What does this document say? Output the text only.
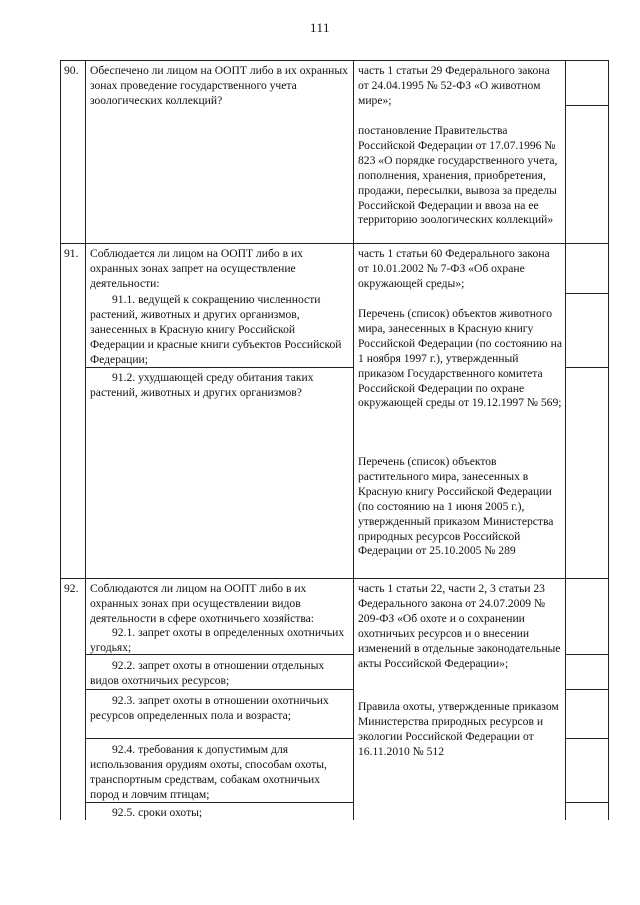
111
90. Обеспечено ли лицом на ООПТ либо в их охранных зонах проведение государственного учета зоологических коллекций?
часть 1 статьи 29 Федерального закона от 24.04.1995 № 52-ФЗ «О животном мире»;
постановление Правительства Российской Федерации от 17.07.1996 № 823 «О порядке государственного учета, пополнения, хранения, приобретения, продажи, пересылки, вывоза за пределы Российской Федерации и ввоза на ее территорию зоологических коллекций»
91. Соблюдается ли лицом на ООПТ либо в их охранных зонах запрет на осуществление деятельности:
91.1. ведущей к сокращению численности растений, животных и других организмов, занесенных в Красную книгу Российской Федерации и красные книги субъектов Российской Федерации;
91.2. ухудшающей среду обитания таких растений, животных и других организмов?
часть 1 статьи 60 Федерального закона от 10.01.2002 № 7-ФЗ «Об охране окружающей среды»;
Перечень (список) объектов животного мира, занесенных в Красную книгу Российской Федерации (по состоянию на 1 ноября 1997 г.), утвержденный приказом Государственного комитета Российской Федерации по охране окружающей среды от 19.12.1997 № 569;
Перечень (список) объектов растительного мира, занесенных в Красную книгу Российской Федерации (по состоянию на 1 июня 2005 г.), утвержденный приказом Министерства природных ресурсов Российской Федерации от 25.10.2005 № 289
92. Соблюдаются ли лицом на ООПТ либо в их охранных зонах при осуществлении видов деятельности в сфере охотничьего хозяйства:
92.1. запрет охоты в определенных охотничьих угодьях;
92.2. запрет охоты в отношении отдельных видов охотничьих ресурсов;
92.3. запрет охоты в отношении охотничьих ресурсов определенных пола и возраста;
92.4. требования к допустимым для использования орудиям охоты, способам охоты, транспортным средствам, собакам охотничьих пород и ловчим птицам;
92.5. сроки охоты;
часть 1 статьи 22, части 2, 3 статьи 23 Федерального закона от 24.07.2009 № 209-ФЗ «Об охоте и о сохранении охотничьих ресурсов и о внесении изменений в отдельные законодательные акты Российской Федерации»;
Правила охоты, утвержденные приказом Министерства природных ресурсов и экологии Российской Федерации от 16.11.2010 № 512
